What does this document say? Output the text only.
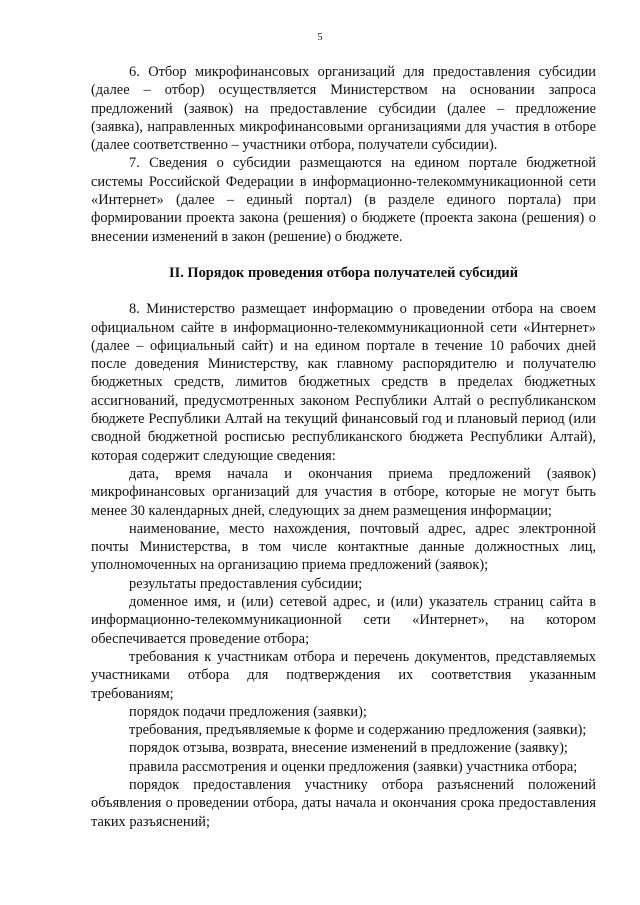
5

6. Отбор микрофинансовых организаций для предоставления субсидии (далее – отбор) осуществляется Министерством на основании запроса предложений (заявок) на предоставление субсидии (далее – предложение (заявка), направленных микрофинансовыми организациями для участия в отборе (далее соответственно – участники отбора, получатели субсидии).

7. Сведения о субсидии размещаются на едином портале бюджетной системы Российской Федерации в информационно-телекоммуникационной сети «Интернет» (далее – единый портал) (в разделе единого портала) при формировании проекта закона (решения) о бюджете (проекта закона (решения) о внесении изменений в закон (решение) о бюджете.

II. Порядок проведения отбора получателей субсидий

8. Министерство размещает информацию о проведении отбора на своем официальном сайте в информационно-телекоммуникационной сети «Интернет» (далее – официальный сайт) и на едином портале в течение 10 рабочих дней после доведения Министерству, как главному распорядителю и получателю бюджетных средств, лимитов бюджетных средств в пределах бюджетных ассигнований, предусмотренных законом Республики Алтай о республиканском бюджете Республики Алтай на текущий финансовый год и плановый период (или сводной бюджетной росписью республиканского бюджета Республики Алтай), которая содержит следующие сведения:

дата, время начала и окончания приема предложений (заявок) микрофинансовых организаций для участия в отборе, которые не могут быть менее 30 календарных дней, следующих за днем размещения информации;

наименование, место нахождения, почтовый адрес, адрес электронной почты Министерства, в том числе контактные данные должностных лиц, уполномоченных на организацию приема предложений (заявок);

результаты предоставления субсидии;

доменное имя, и (или) сетевой адрес, и (или) указатель страниц сайта в информационно-телекоммуникационной сети «Интернет», на котором обеспечивается проведение отбора;

требования к участникам отбора и перечень документов, представляемых участниками отбора для подтверждения их соответствия указанным требованиям;

порядок подачи предложения (заявки);

требования, предъявляемые к форме и содержанию предложения (заявки);

порядок отзыва, возврата, внесение изменений в предложение (заявку);

правила рассмотрения и оценки предложения (заявки) участника отбора;

порядок предоставления участнику отбора разъяснений положений объявления о проведении отбора, даты начала и окончания срока предоставления таких разъяснений;
